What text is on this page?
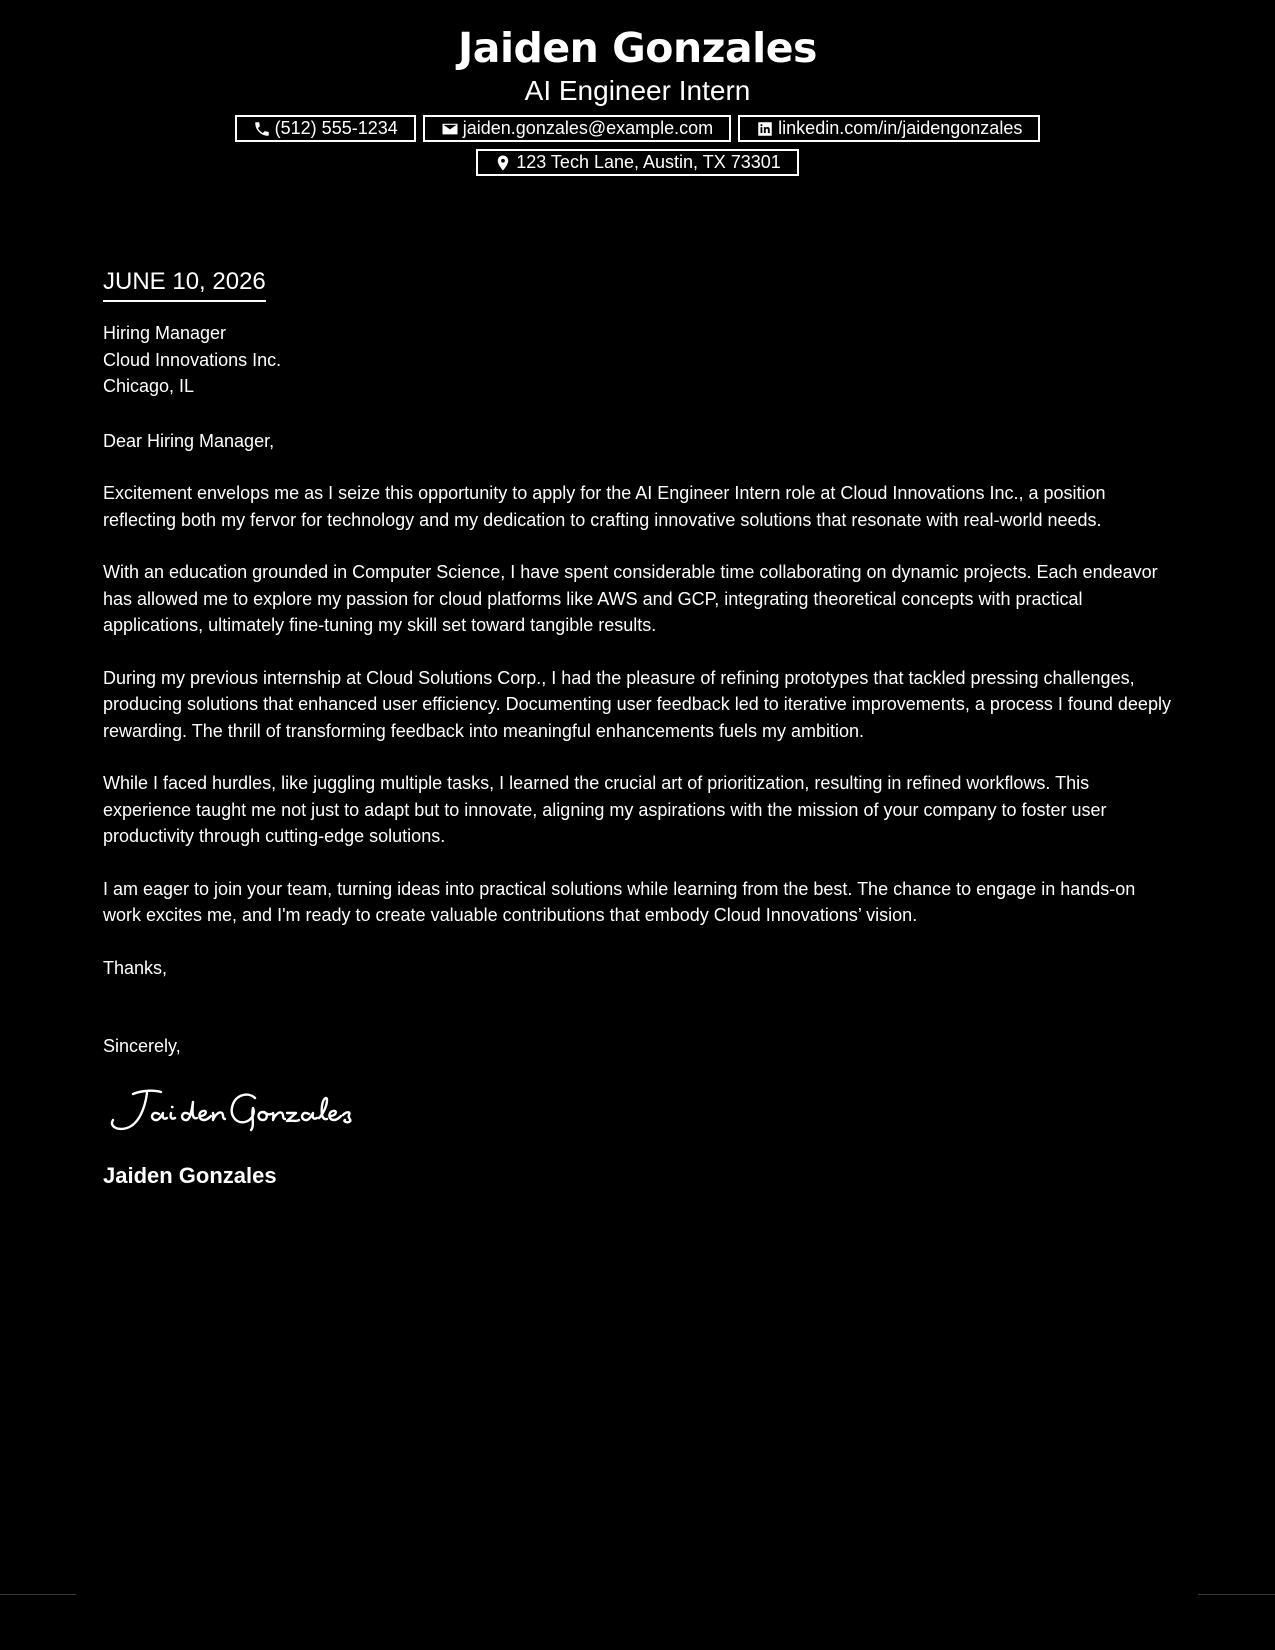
Jaiden Gonzales
AI Engineer Intern
(512) 555-1234	jaiden.gonzales@example.com	linkedin.com/in/jaidengonzales
123 Tech Lane, Austin, TX 73301
JUNE 10, 2026
Hiring Manager
Cloud Innovations Inc.
Chicago, IL
Dear Hiring Manager,
Excitement envelops me as I seize this opportunity to apply for the AI Engineer Intern role at Cloud Innovations Inc., a position reflecting both my fervor for technology and my dedication to crafting innovative solutions that resonate with real-world needs.
With an education grounded in Computer Science, I have spent considerable time collaborating on dynamic projects. Each endeavor has allowed me to explore my passion for cloud platforms like AWS and GCP, integrating theoretical concepts with practical applications, ultimately fine-tuning my skill set toward tangible results.
During my previous internship at Cloud Solutions Corp., I had the pleasure of refining prototypes that tackled pressing challenges, producing solutions that enhanced user efficiency. Documenting user feedback led to iterative improvements, a process I found deeply rewarding. The thrill of transforming feedback into meaningful enhancements fuels my ambition.
While I faced hurdles, like juggling multiple tasks, I learned the crucial art of prioritization, resulting in refined workflows. This experience taught me not just to adapt but to innovate, aligning my aspirations with the mission of your company to foster user productivity through cutting-edge solutions.
I am eager to join your team, turning ideas into practical solutions while learning from the best. The chance to engage in hands-on work excites me, and I'm ready to create valuable contributions that embody Cloud Innovations’ vision.
Thanks,
Sincerely,
Jaiden Gonzales
